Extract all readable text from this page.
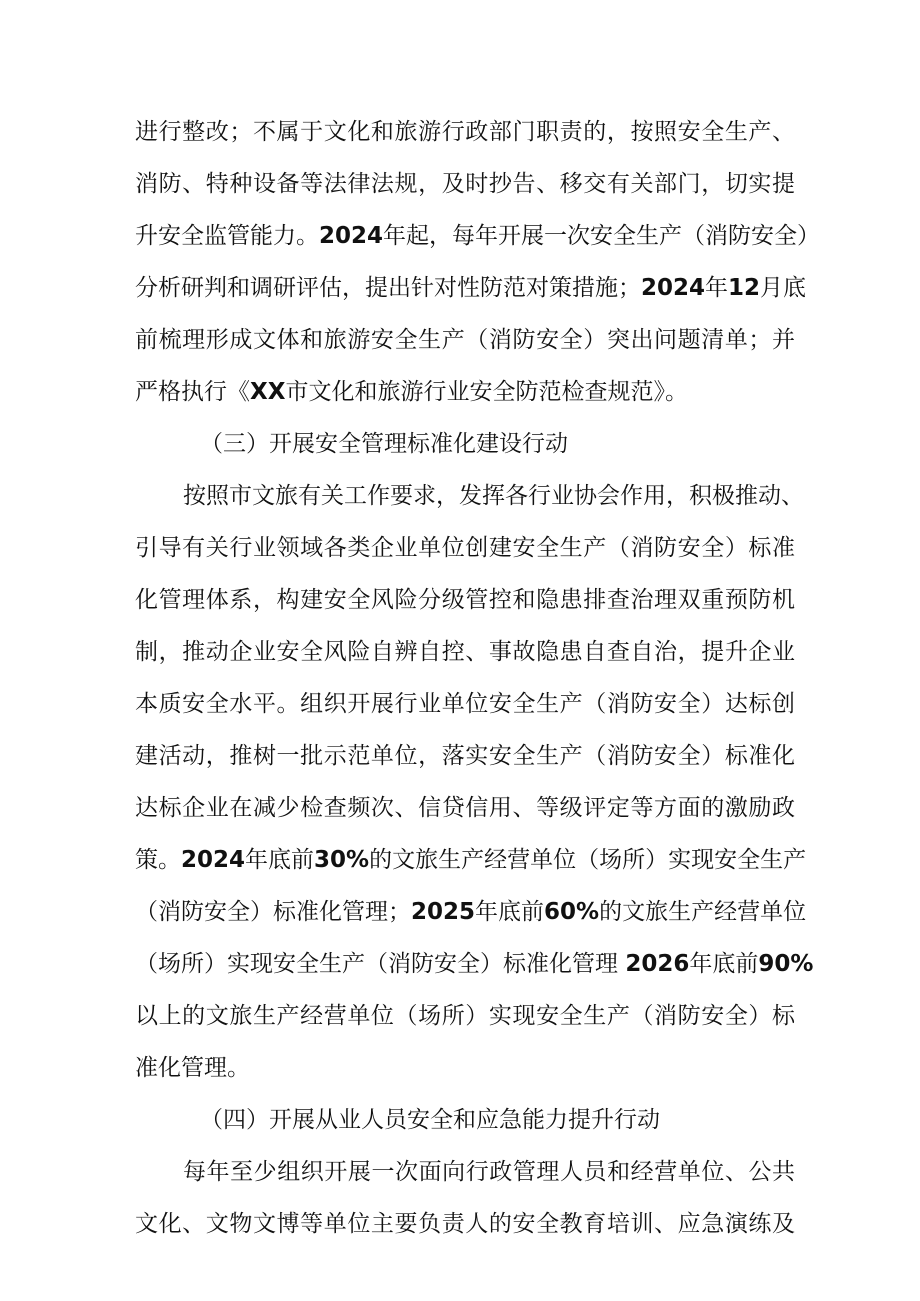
进行整改；不属于文化和旅游行政部门职责的，按照安全生产、
消防、特种设备等法律法规，及时抄告、移交有关部门，切实提
升安全监管能力。2024年起，每年开展一次安全生产（消防安全）
分析研判和调研评估，提出针对性防范对策措施；2024年12月底
前梳理形成文体和旅游安全生产（消防安全）突出问题清单；并
严格执行《XX市文化和旅游行业安全防范检查规范》。
（三）开展安全管理标准化建设行动
按照市文旅有关工作要求，发挥各行业协会作用，积极推动、
引导有关行业领域各类企业单位创建安全生产（消防安全）标准
化管理体系，构建安全风险分级管控和隐患排查治理双重预防机
制，推动企业安全风险自辨自控、事故隐患自查自治，提升企业
本质安全水平。组织开展行业单位安全生产（消防安全）达标创
建活动，推树一批示范单位，落实安全生产（消防安全）标准化
达标企业在减少检查频次、信贷信用、等级评定等方面的激励政
策。2024年底前30%的文旅生产经营单位（场所）实现安全生产
（消防安全）标准化管理；2025年底前60%的文旅生产经营单位
（场所）实现安全生产（消防安全）标准化管理 2026年底前90%
以上的文旅生产经营单位（场所）实现安全生产（消防安全）标
准化管理。
（四）开展从业人员安全和应急能力提升行动
每年至少组织开展一次面向行政管理人员和经营单位、公共
文化、文物文博等单位主要负责人的安全教育培训、应急演练及
